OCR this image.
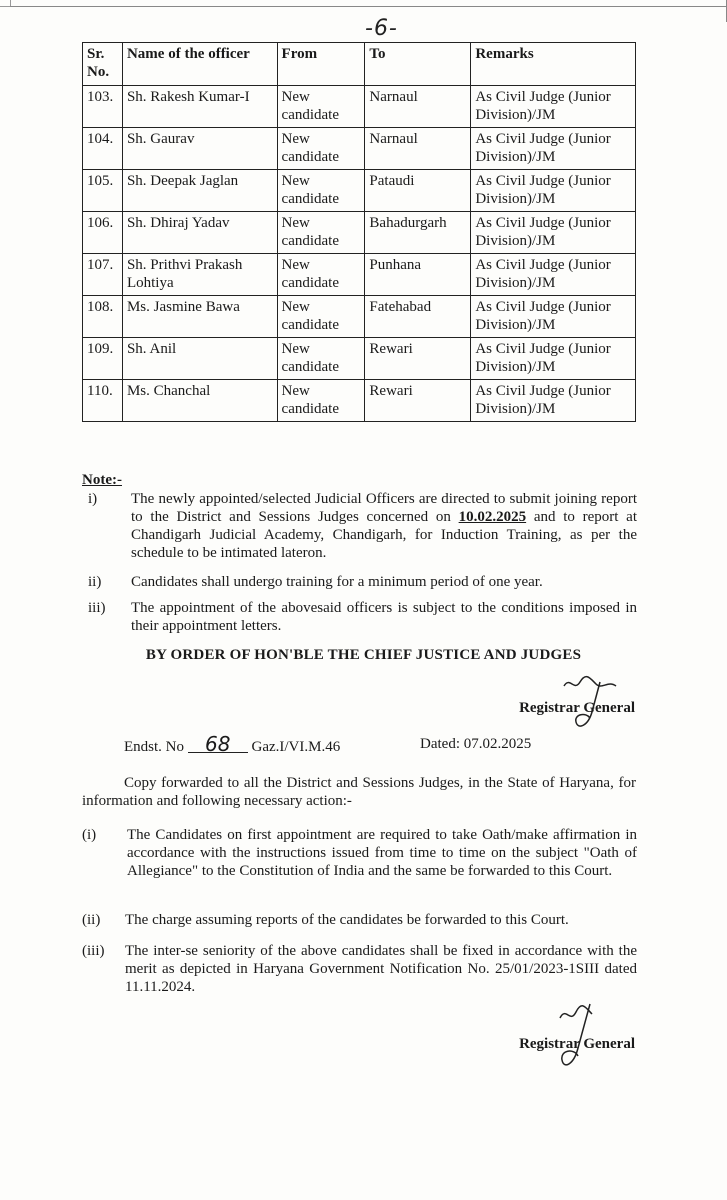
-6-
Sr. No.	Name of the officer	From	To	Remarks
103.	Sh. Rakesh Kumar-I	New candidate	Narnaul	As Civil Judge (Junior Division)/JM
104.	Sh. Gaurav	New candidate	Narnaul	As Civil Judge (Junior Division)/JM
105.	Sh. Deepak Jaglan	New candidate	Pataudi	As Civil Judge (Junior Division)/JM
106.	Sh. Dhiraj Yadav	New candidate	Bahadurgarh	As Civil Judge (Junior Division)/JM
107.	Sh. Prithvi Prakash Lohtiya	New candidate	Punhana	As Civil Judge (Junior Division)/JM
108.	Ms. Jasmine Bawa	New candidate	Fatehabad	As Civil Judge (Junior Division)/JM
109.	Sh. Anil	New candidate	Rewari	As Civil Judge (Junior Division)/JM
110.	Ms. Chanchal	New candidate	Rewari	As Civil Judge (Junior Division)/JM
Note:-
i) The newly appointed/selected Judicial Officers are directed to submit joining report to the District and Sessions Judges concerned on 10.02.2025 and to report at Chandigarh Judicial Academy, Chandigarh, for Induction Training, as per the schedule to be intimated lateron.
ii) Candidates shall undergo training for a minimum period of one year.
iii) The appointment of the abovesaid officers is subject to the conditions imposed in their appointment letters.
BY ORDER OF HON'BLE THE CHIEF JUSTICE AND JUDGES
Registrar General
Endst. No 68 Gaz.I/VI.M.46	Dated: 07.02.2025
Copy forwarded to all the District and Sessions Judges, in the State of Haryana, for information and following necessary action:-
(i) The Candidates on first appointment are required to take Oath/make affirmation in accordance with the instructions issued from time to time on the subject "Oath of Allegiance" to the Constitution of India and the same be forwarded to this Court.
(ii) The charge assuming reports of the candidates be forwarded to this Court.
(iii) The inter-se seniority of the above candidates shall be fixed in accordance with the merit as depicted in Haryana Government Notification No. 25/01/2023-1SIII dated 11.11.2024.
Registrar General
